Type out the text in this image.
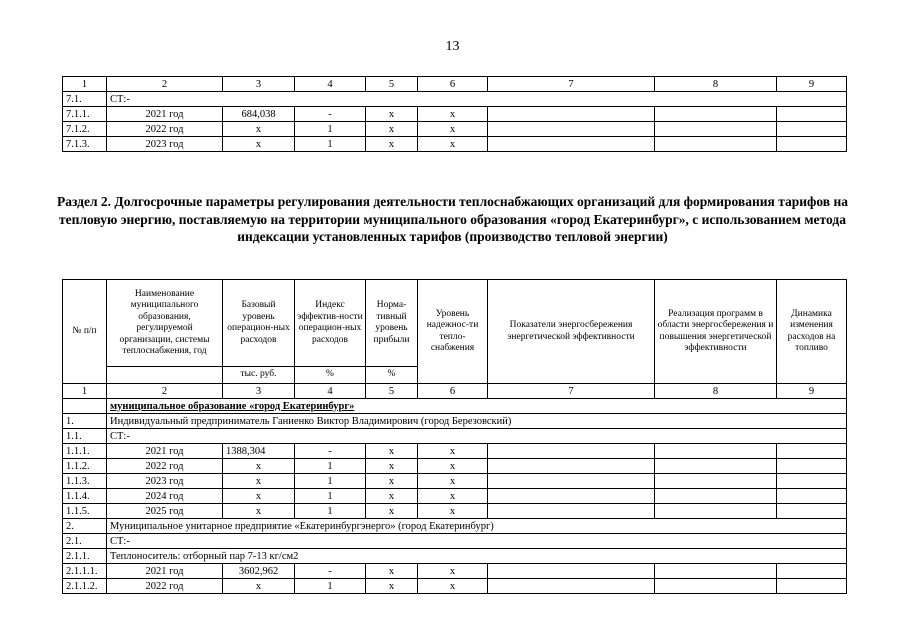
13
1	2	3	4	5	6	7	8	9
7.1.	СТ:-							
7.1.1.	2021 год	684,038	-	х	х			
7.1.2.	2022 год	х	1	х	х			
7.1.3.	2023 год	х	1	х	х			
Раздел 2. Долгосрочные параметры регулирования деятельности теплоснабжающих организаций для формирования тарифов на тепловую энергию, поставляемую на территории муниципального образования «город Екатеринбург», с использованием метода индексации установленных тарифов (производство тепловой энергии)
№ п/п	Наименование муниципального образования, регулируемой организации, системы теплоснабжения, год	Базовый уровень операцион-ных расходов	Индекс эффектив-ности операцион-ных расходов	Норма-тивный уровень прибыли	Уровень надежнос-ти тепло-снабжения	Показатели энергосбережения энергетической эффективности	Реализация программ в области энергосбережения и повышения энергетической эффективности	Динамика изменения расходов на топливо
		тыс. руб.	%	%				
1	2	3	4	5	6	7	8	9
	муниципальное образование «город Екатеринбург»							
1.	Индивидуальный предприниматель Ганиенко Виктор Владимирович (город Березовский)							
1.1.	СТ:-							
1.1.1.	2021 год	1388,304	-	х	х			
1.1.2.	2022 год	х	1	х	х			
1.1.3.	2023 год	х	1	х	х			
1.1.4.	2024 год	х	1	х	х			
1.1.5.	2025 год	х	1	х	х			
2.	Муниципальное унитарное предприятие «Екатеринбургэнерго» (город Екатеринбург)							
2.1.	СТ:-							
2.1.1.	Теплоноситель: отборный пар 7-13 кг/см2							
2.1.1.1.	2021 год	3602,962	-	х	х			
2.1.1.2.	2022 год	х	1	х	х			
